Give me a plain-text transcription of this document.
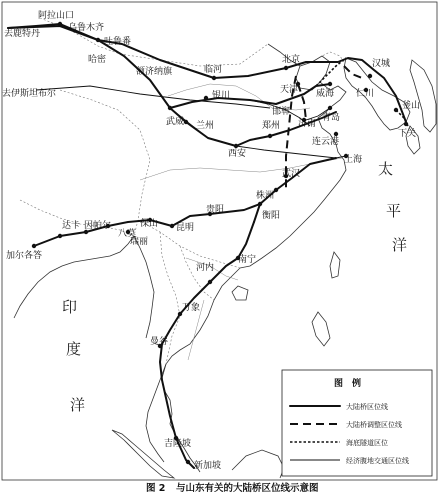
阿拉山口
去鹿特丹
乌鲁木齐
吐鲁番
哈密
额济纳旗	临河
北京
天津
去伊斯坦布尔	银川
邯郸
威海
青岛
武威 兰州	郑州 济南
连云港
西安
上海
武汉
汉城
仁川
釜山
下关
株洲
衡阳
贵阳
昆明
保山
瑞丽
八莫
达卡 因帕尔
加尔各答	南宁
河内
万象
曼谷
吉隆坡
新加坡
太
平
洋
印
度
洋
图　例
大陆桥区位线
大陆桥调整区位线
海底隧道区位
经济腹地交通区位线
图 2 与山东有关的大陆桥区位线示意图
